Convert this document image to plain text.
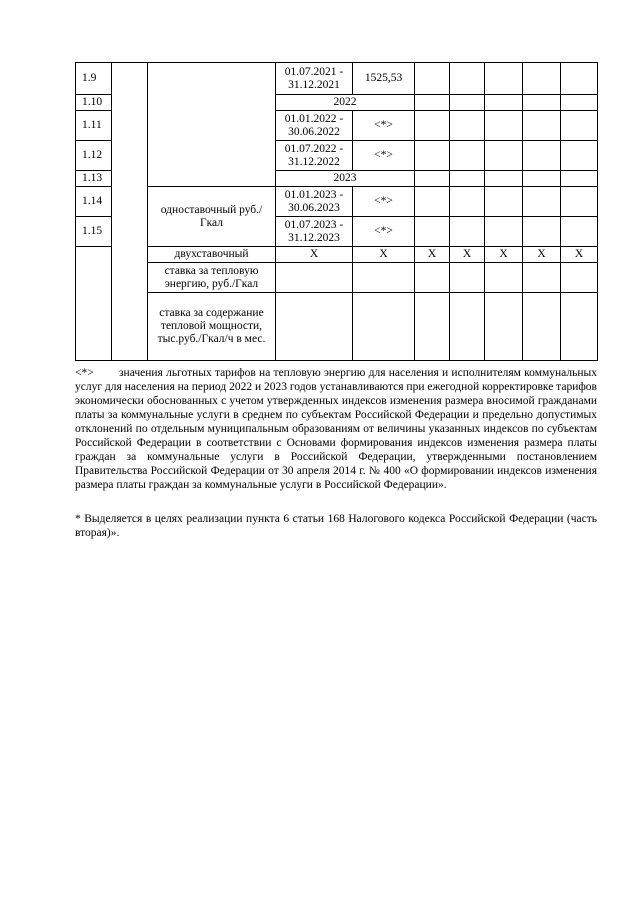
1.9			01.07.2021 - 31.12.2021	1525,53					
1.10			2022						
1.11			01.01.2022 - 30.06.2022	<*>					
1.12			01.07.2022 - 31.12.2022	<*>					
1.13			2023						
1.14		одноставочный руб./Гкал	01.01.2023 - 30.06.2023	<*>					
1.15			01.07.2023 - 31.12.2023	<*>					
		двухставочный	X	X	X	X	X	X	X
		ставка за тепловую энергию, руб./Гкал							
		ставка за содержание тепловой мощности, тыс.руб./Гкал/ч в мес.							

<*> значения льготных тарифов на тепловую энергию для населения и исполнителям коммунальных услуг для населения на период 2022 и 2023 годов устанавливаются при ежегодной корректировке тарифов экономически обоснованных с учетом утвержденных индексов изменения размера вносимой гражданами платы за коммунальные услуги в среднем по субъектам Российской Федерации и предельно допустимых отклонений по отдельным муниципальным образованиям от величины указанных индексов по субъектам Российской Федерации в соответствии с Основами формирования индексов изменения размера платы граждан за коммунальные услуги в Российской Федерации, утвержденными постановлением Правительства Российской Федерации от 30 апреля 2014 г. № 400 «О формировании индексов изменения размера платы граждан за коммунальные услуги в Российской Федерации».

* Выделяется в целях реализации пункта 6 статьи 168 Налогового кодекса Российской Федерации (часть вторая)».
